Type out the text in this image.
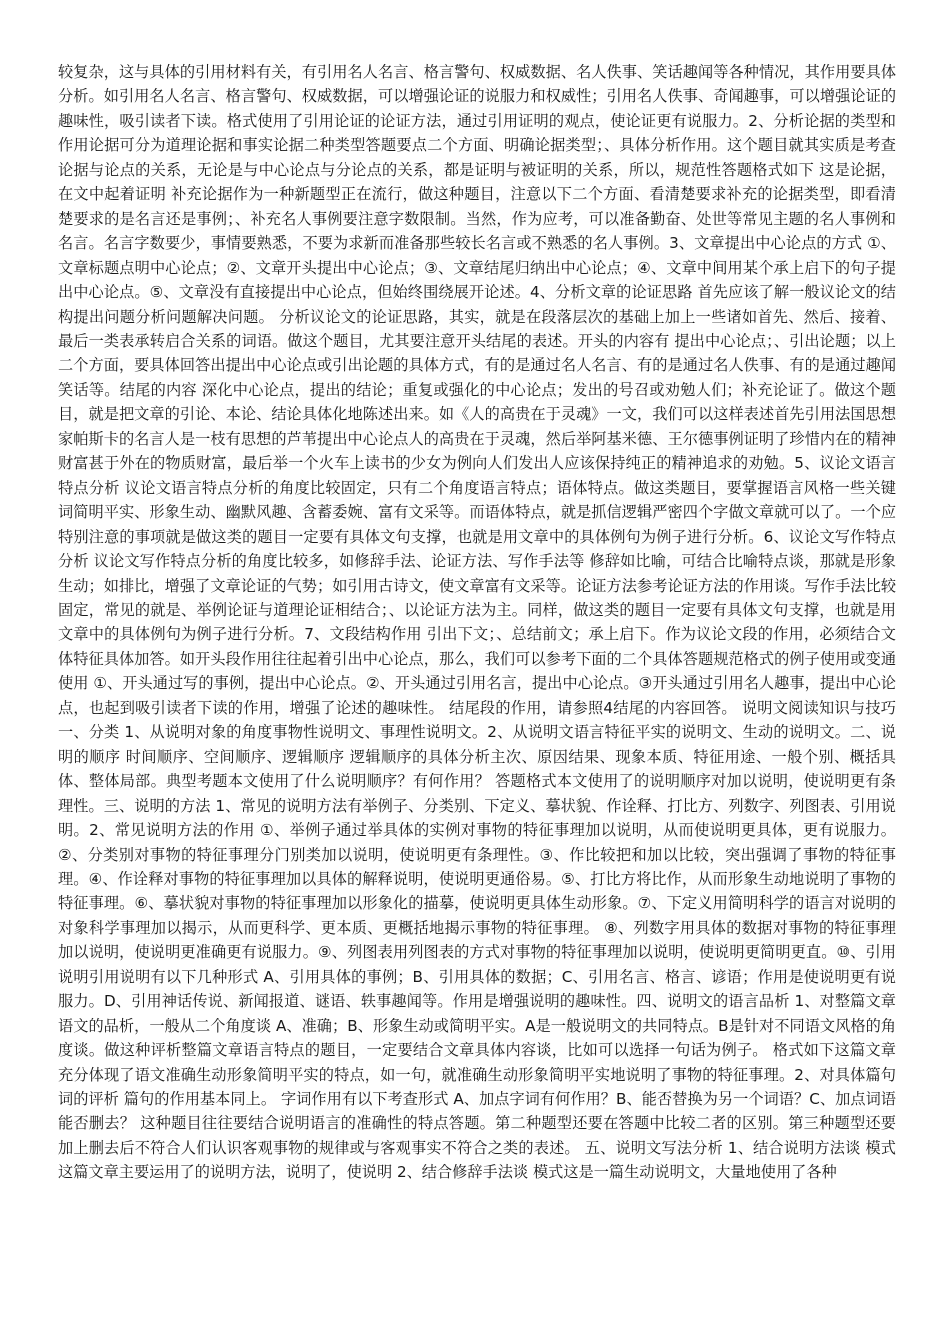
较复杂，这与具体的引用材料有关，有引用名人名言、格言警句、权威数据、名人佚事、笑话趣闻等各种情况，其作用要具体分析。如引用名人名言、格言警句、权威数据，可以增强论证的说服力和权威性；引用名人佚事、奇闻趣事，可以增强论证的趣味性，吸引读者下读。格式使用了引用论证的论证方法，通过引用证明的观点，使论证更有说服力。2、分析论据的类型和作用论据可分为道理论据和事实论据二种类型答题要点二个方面、明确论据类型；、具体分析作用。这个题目就其实质是考查论据与论点的关系，无论是与中心论点与分论点的关系，都是证明与被证明的关系，所以，规范性答题格式如下 这是论据，在文中起着证明 补充论据作为一种新题型正在流行，做这种题目，注意以下二个方面、看清楚要求补充的论据类型，即看清楚要求的是名言还是事例；、补充名人事例要注意字数限制。当然，作为应考，可以准备勤奋、处世等常见主题的名人事例和名言。名言字数要少，事情要熟悉，不要为求新而准备那些较长名言或不熟悉的名人事例。3、文章提出中心论点的方式 ①、文章标题点明中心论点；②、文章开头提出中心论点；③、文章结尾归纳出中心论点；④、文章中间用某个承上启下的句子提出中心论点。⑤、文章没有直接提出中心论点，但始终围绕展开论述。4、分析文章的论证思路 首先应该了解一般议论文的结构提出问题分析问题解决问题。 分析议论文的论证思路，其实，就是在段落层次的基础上加上一些诸如首先、然后、接着、最后一类表承转启合关系的词语。做这个题目，尤其要注意开头结尾的表述。开头的内容有 提出中心论点；、引出论题；以上二个方面，要具体回答出提出中心论点或引出论题的具体方式，有的是通过名人名言、有的是通过名人佚事、有的是通过趣闻笑话等。结尾的内容 深化中心论点，提出的结论；重复或强化的中心论点；发出的号召或劝勉人们；补充论证了。做这个题目，就是把文章的引论、本论、结论具体化地陈述出来。如《人的高贵在于灵魂》一文，我们可以这样表述首先引用法国思想家帕斯卡的名言人是一枝有思想的芦苇提出中心论点人的高贵在于灵魂，然后举阿基米德、王尔德事例证明了珍惜内在的精神财富甚于外在的物质财富，最后举一个火车上读书的少女为例向人们发出人应该保持纯正的精神追求的劝勉。5、议论文语言特点分析 议论文语言特点分析的角度比较固定，只有二个角度语言特点；语体特点。做这类题目，要掌握语言风格一些关键词简明平实、形象生动、幽默风趣、含蓄委婉、富有文采等。而语体特点，就是抓信逻辑严密四个字做文章就可以了。一个应特别注意的事项就是做这类的题目一定要有具体文句支撑，也就是用文章中的具体例句为例子进行分析。6、议论文写作特点分析 议论文写作特点分析的角度比较多，如修辞手法、论证方法、写作手法等 修辞如比喻，可结合比喻特点谈，那就是形象生动；如排比，增强了文章论证的气势；如引用古诗文，使文章富有文采等。论证方法参考论证方法的作用谈。写作手法比较固定，常见的就是、举例论证与道理论证相结合；、以论证方法为主。同样，做这类的题目一定要有具体文句支撑，也就是用文章中的具体例句为例子进行分析。7、文段结构作用 引出下文；、总结前文；承上启下。作为议论文段的作用，必须结合文体特征具体加答。如开头段作用往往起着引出中心论点，那么，我们可以参考下面的二个具体答题规范格式的例子使用或变通使用 ①、开头通过写的事例，提出中心论点。②、开头通过引用名言，提出中心论点。③开头通过引用名人趣事，提出中心论点，也起到吸引读者下读的作用，增强了论述的趣味性。 结尾段的作用，请参照4结尾的内容回答。 说明文阅读知识与技巧 一、分类 1、从说明对象的角度事物性说明文、事理性说明文。2、从说明文语言特征平实的说明文、生动的说明文。二、说明的顺序 时间顺序、空间顺序、逻辑顺序 逻辑顺序的具体分析主次、原因结果、现象本质、特征用途、一般个别、概括具体、整体局部。典型考题本文使用了什么说明顺序？有何作用？ 答题格式本文使用了的说明顺序对加以说明，使说明更有条理性。三、说明的方法 1、常见的说明方法有举例子、分类别、下定义、摹状貌、作诠释、打比方、列数字、列图表、引用说明。2、常见说明方法的作用 ①、举例子通过举具体的实例对事物的特征事理加以说明，从而使说明更具体，更有说服力。②、分类别对事物的特征事理分门别类加以说明，使说明更有条理性。③、作比较把和加以比较，突出强调了事物的特征事理。④、作诠释对事物的特征事理加以具体的解释说明，使说明更通俗易。⑤、打比方将比作，从而形象生动地说明了事物的特征事理。⑥、摹状貌对事物的特征事理加以形象化的描摹，使说明更具体生动形象。⑦、下定义用简明科学的语言对说明的对象科学事理加以揭示，从而更科学、更本质、更概括地揭示事物的特征事理。 ⑧、列数字用具体的数据对事物的特征事理加以说明，使说明更准确更有说服力。⑨、列图表用列图表的方式对事物的特征事理加以说明，使说明更简明更直。⑩、引用说明引用说明有以下几种形式 A、引用具体的事例；B、引用具体的数据；C、引用名言、格言、谚语；作用是使说明更有说服力。D、引用神话传说、新闻报道、谜语、轶事趣闻等。作用是增强说明的趣味性。四、说明文的语言品析 1、对整篇文章语文的品析，一般从二个角度谈 A、准确；B、形象生动或简明平实。A是一般说明文的共同特点。B是针对不同语文风格的角度谈。做这种评析整篇文章语言特点的题目，一定要结合文章具体内容谈，比如可以选择一句话为例子。 格式如下这篇文章充分体现了语文准确生动形象简明平实的特点，如一句，就准确生动形象简明平实地说明了事物的特征事理。2、对具体篇句词的评析 篇句的作用基本同上。 字词作用有以下考查形式 A、加点字词有何作用？B、能否替换为另一个词语？C、加点词语能否删去？ 这种题目往往要结合说明语言的准确性的特点答题。第二种题型还要在答题中比较二者的区别。第三种题型还要加上删去后不符合人们认识客观事物的规律或与客观事实不符合之类的表述。 五、说明文写法分析 1、结合说明方法谈 模式这篇文章主要运用了的说明方法，说明了，使说明 2、结合修辞手法谈 模式这是一篇生动说明文，大量地使用了各种
